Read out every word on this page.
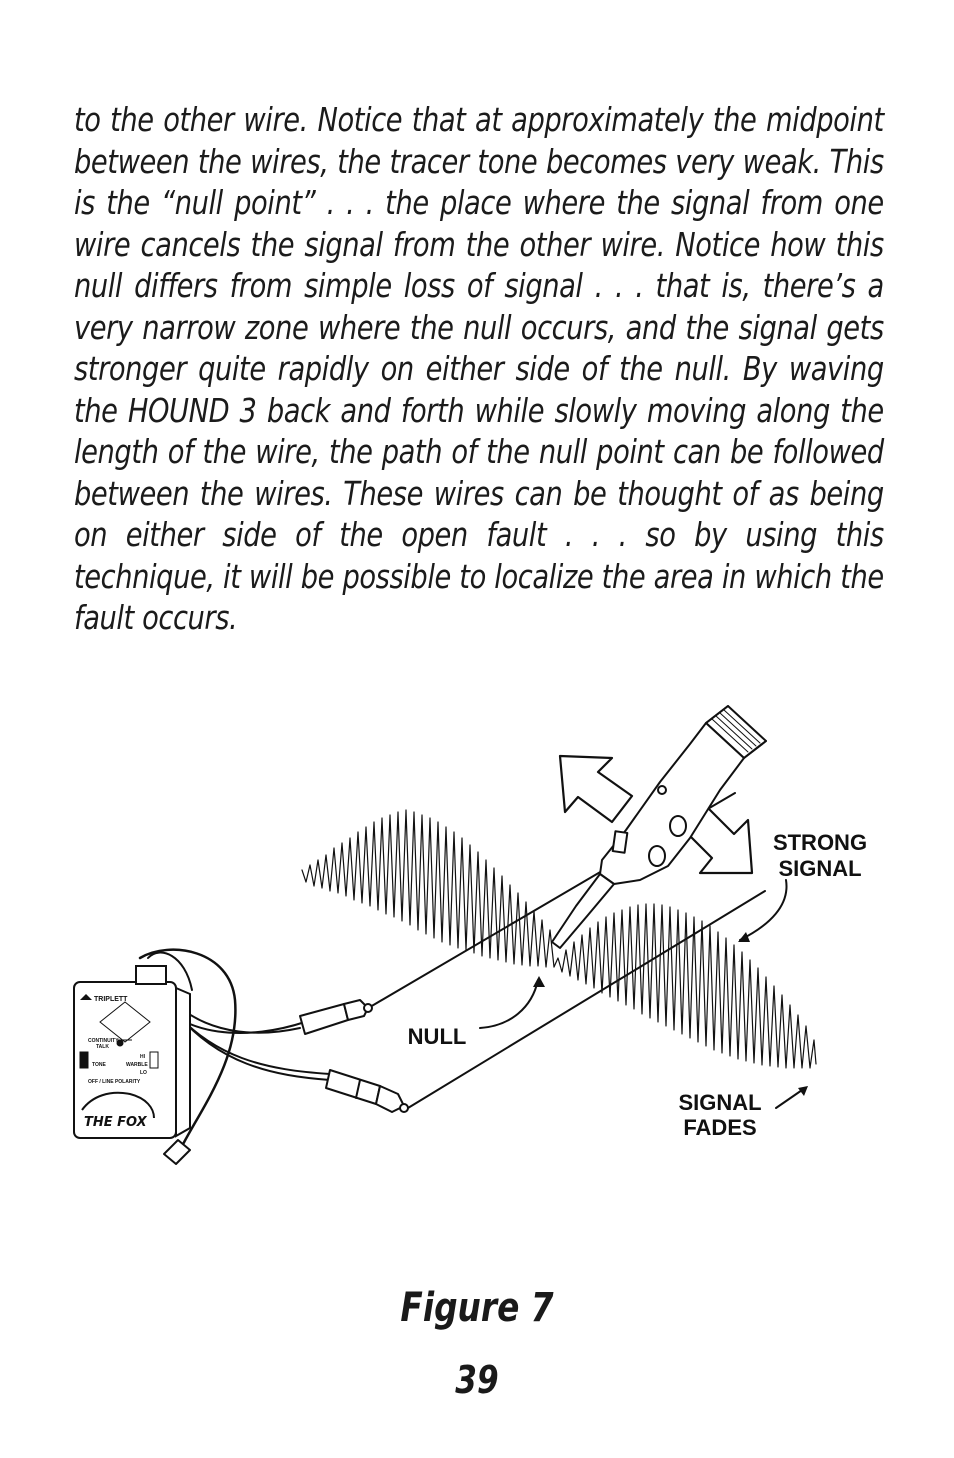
to the other wire. Notice that at approximately the midpoint between the wires, the tracer tone becomes very weak. This is the “null point” . . . the place where the signal from one wire cancels the signal from the other wire. Notice how this null differs from simple loss of signal . . . that is, there’s a very narrow zone where the null occurs, and the signal gets stronger quite rapidly on either side of the null. By waving the HOUND 3 back and forth while slowly moving along the length of the wire, the path of the null point can be followed between the wires. These wires can be thought of as being on either side of the open fault . . . so by using this technique, it will be possible to localize the area in which the fault occurs.

TRIPLETT
CONTINUITY
TALK
TONE
HI
WARBLE
LO
OFF / LINE POLARITY
THE FOX
STRONG
SIGNAL
NULL
SIGNAL
FADES
Figure 7
39
